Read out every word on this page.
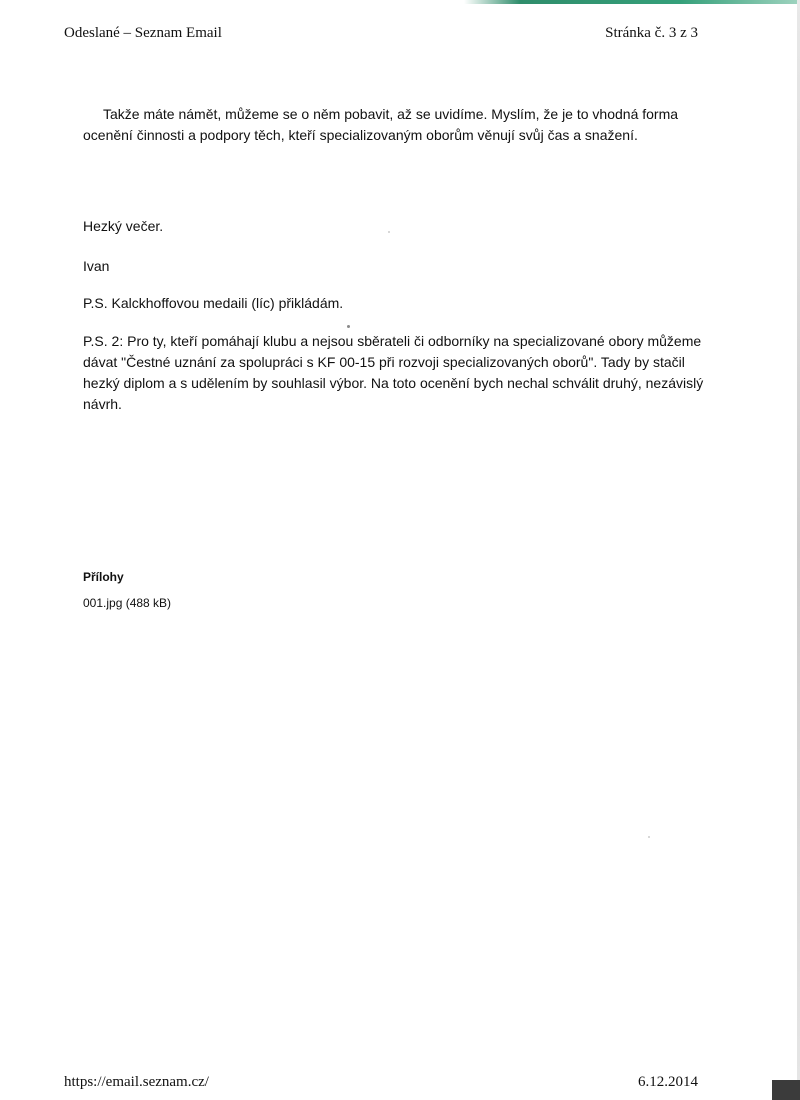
Odeslané – Seznam Email	Stránka č. 3 z 3

Takže máte námět, můžeme se o něm pobavit, až se uvidíme. Myslím, že je to vhodná forma ocenění činnosti a podpory těch, kteří specializovaným oborům věnují svůj čas a snažení.

Hezký večer.

Ivan

P.S. Kalckhoffovou medaili (líc) přikládám.

P.S. 2: Pro ty, kteří pomáhají klubu a nejsou sběrateli či odborníky na specializované obory můžeme dávat "Čestné uznání za spolupráci s KF 00-15 při rozvoji specializovaných oborů". Tady by stačil hezký diplom a s udělením by souhlasil výbor. Na toto ocenění bych nechal schválit druhý, nezávislý návrh.

Přílohy
001.jpg (488 kB)
https://email.seznam.cz/	6.12.2014
